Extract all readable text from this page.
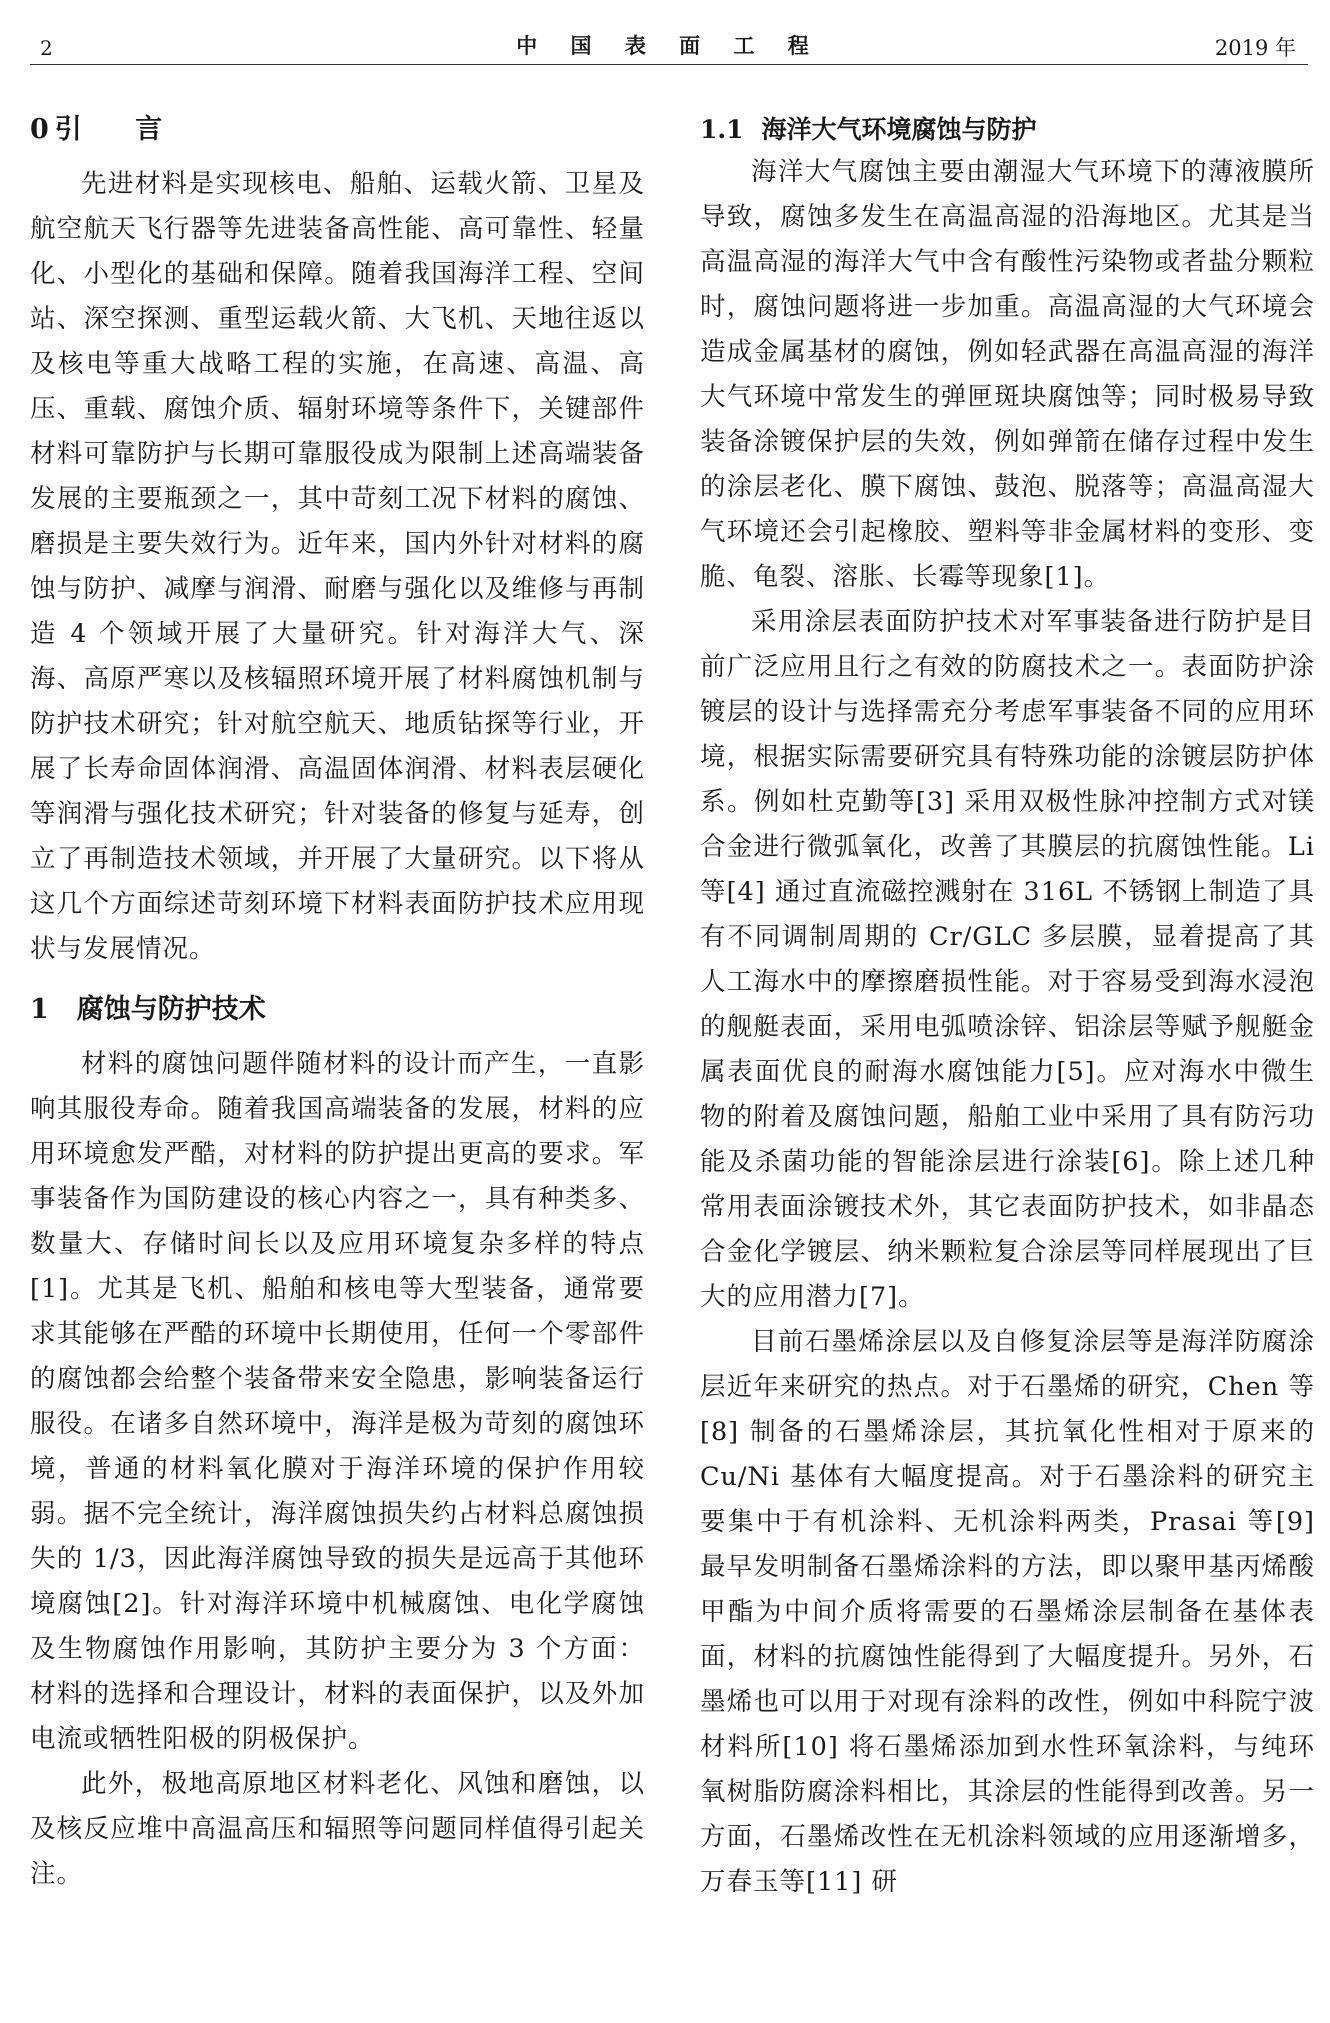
2	中 国 表 面 工 程	2019 年
0 引 言

先进材料是实现核电、船舶、运载火箭、卫星及航空航天飞行器等先进装备高性能、高可靠性、轻量化、小型化的基础和保障。随着我国海洋工程、空间站、深空探测、重型运载火箭、大飞机、天地往返以及核电等重大战略工程的实施，在高速、高温、高压、重载、腐蚀介质、辐射环境等条件下，关键部件材料可靠防护与长期可靠服役成为限制上述高端装备发展的主要瓶颈之一，其中苛刻工况下材料的腐蚀、磨损是主要失效行为。近年来，国内外针对材料的腐蚀与防护、减摩与润滑、耐磨与强化以及维修与再制造 4 个领域开展了大量研究。针对海洋大气、深海、高原严寒以及核辐照环境开展了材料腐蚀机制与防护技术研究；针对航空航天、地质钻探等行业，开展了长寿命固体润滑、高温固体润滑、材料表层硬化等润滑与强化技术研究；针对装备的修复与延寿，创立了再制造技术领域，并开展了大量研究。以下将从这几个方面综述苛刻环境下材料表面防护技术应用现状与发展情况。

1 腐蚀与防护技术

材料的腐蚀问题伴随材料的设计而产生，一直影响其服役寿命。随着我国高端装备的发展，材料的应用环境愈发严酷，对材料的防护提出更高的要求。军事装备作为国防建设的核心内容之一，具有种类多、数量大、存储时间长以及应用环境复杂多样的特点[1]。尤其是飞机、船舶和核电等大型装备，通常要求其能够在严酷的环境中长期使用，任何一个零部件的腐蚀都会给整个装备带来安全隐患，影响装备运行服役。在诸多自然环境中，海洋是极为苛刻的腐蚀环境，普通的材料氧化膜对于海洋环境的保护作用较弱。据不完全统计，海洋腐蚀损失约占材料总腐蚀损失的 1/3，因此海洋腐蚀导致的损失是远高于其他环境腐蚀[2]。针对海洋环境中机械腐蚀、电化学腐蚀及生物腐蚀作用影响，其防护主要分为 3 个方面：材料的选择和合理设计，材料的表面保护，以及外加电流或牺牲阳极的阴极保护。

此外，极地高原地区材料老化、风蚀和磨蚀，以及核反应堆中高温高压和辐照等问题同样值得引起关注。

1.1 海洋大气环境腐蚀与防护

海洋大气腐蚀主要由潮湿大气环境下的薄液膜所导致，腐蚀多发生在高温高湿的沿海地区。尤其是当高温高湿的海洋大气中含有酸性污染物或者盐分颗粒时，腐蚀问题将进一步加重。高温高湿的大气环境会造成金属基材的腐蚀，例如轻武器在高温高湿的海洋大气环境中常发生的弹匣斑块腐蚀等；同时极易导致装备涂镀保护层的失效，例如弹箭在储存过程中发生的涂层老化、膜下腐蚀、鼓泡、脱落等；高温高湿大气环境还会引起橡胶、塑料等非金属材料的变形、变脆、龟裂、溶胀、长霉等现象[1]。

采用涂层表面防护技术对军事装备进行防护是目前广泛应用且行之有效的防腐技术之一。表面防护涂镀层的设计与选择需充分考虑军事装备不同的应用环境，根据实际需要研究具有特殊功能的涂镀层防护体系。例如杜克勤等[3] 采用双极性脉冲控制方式对镁合金进行微弧氧化，改善了其膜层的抗腐蚀性能。Li 等[4] 通过直流磁控溅射在 316L 不锈钢上制造了具有不同调制周期的 Cr/GLC 多层膜，显着提高了其人工海水中的摩擦磨损性能。对于容易受到海水浸泡的舰艇表面，采用电弧喷涂锌、铝涂层等赋予舰艇金属表面优良的耐海水腐蚀能力[5]。应对海水中微生物的附着及腐蚀问题，船舶工业中采用了具有防污功能及杀菌功能的智能涂层进行涂装[6]。除上述几种常用表面涂镀技术外，其它表面防护技术，如非晶态合金化学镀层、纳米颗粒复合涂层等同样展现出了巨大的应用潜力[7]。

目前石墨烯涂层以及自修复涂层等是海洋防腐涂层近年来研究的热点。对于石墨烯的研究，Chen 等[8] 制备的石墨烯涂层，其抗氧化性相对于原来的 Cu/Ni 基体有大幅度提高。对于石墨涂料的研究主要集中于有机涂料、无机涂料两类，Prasai 等[9] 最早发明制备石墨烯涂料的方法，即以聚甲基丙烯酸甲酯为中间介质将需要的石墨烯涂层制备在基体表面，材料的抗腐蚀性能得到了大幅度提升。另外，石墨烯也可以用于对现有涂料的改性，例如中科院宁波材料所[10] 将石墨烯添加到水性环氧涂料，与纯环氧树脂防腐涂料相比，其涂层的性能得到改善。另一方面，石墨烯改性在无机涂料领域的应用逐渐增多，万春玉等[11] 研
